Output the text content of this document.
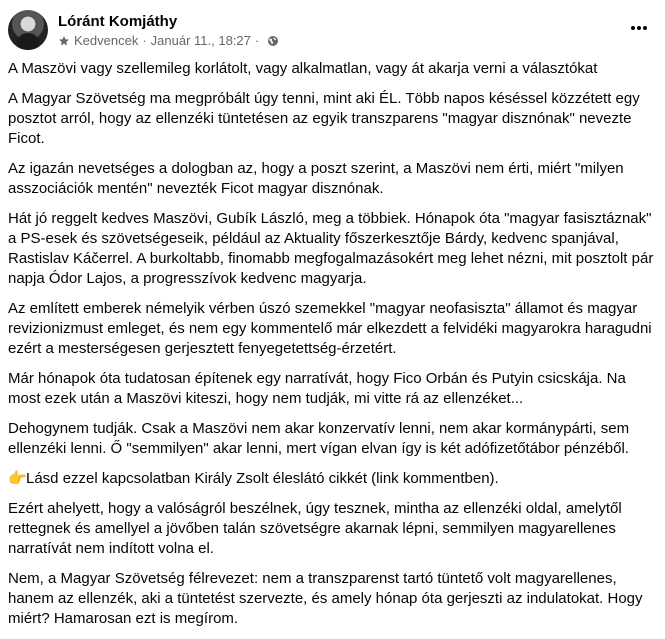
Lóránt Komjáthy
Kedvencek · Január 11., 18:27 ·

A Maszövi vagy szellemileg korlátolt, vagy alkalmatlan, vagy át akarja verni a választókat

A Magyar Szövetség ma megpróbált úgy tenni, mint aki ÉL. Több napos késéssel közzétett egy posztot arról, hogy az ellenzéki tüntetésen az egyik transzparens "magyar disznónak" nevezte Ficot.

Az igazán nevetséges a dologban az, hogy a poszt szerint, a Maszövi nem érti, miért "milyen asszociációk mentén" nevezték Ficot magyar disznónak.

Hát jó reggelt kedves Maszövi, Gubík László, meg a többiek. Hónapok óta "magyar fasisztáznak" a PS-esek és szövetségeseik, például az Aktuality főszerkesztője Bárdy, kedvenc spanjával, Rastislav Káčerrel. A burkoltabb, finomabb megfogalmazásokért meg lehet nézni, mit posztolt pár napja Ódor Lajos, a progresszívok kedvenc magyarja.

Az említett emberek némelyik vérben úszó szemekkel "magyar neofasiszta" államot és magyar revizionizmust emleget, és nem egy kommentelő már elkezdett a felvidéki magyarokra haragudni ezért a mesterségesen gerjesztett fenyegetettség-érzetért.

Már hónapok óta tudatosan építenek egy narratívát, hogy Fico Orbán és Putyin csicskája. Na most ezek után a Maszövi kiteszi, hogy nem tudják, mi vitte rá az ellenzéket...

Dehogynem tudják. Csak a Maszövi nem akar konzervatív lenni, nem akar kormánypárti, sem ellenzéki lenni. Ő "semmilyen" akar lenni, mert vígan elvan így is két adófizetőtábor pénzéből.

👉Lásd ezzel kapcsolatban Király Zsolt éleslátó cikkét (link kommentben).

Ezért ahelyett, hogy a valóságról beszélnek, úgy tesznek, mintha az ellenzéki oldal, amelytől rettegnek és amellyel a jövőben talán szövetségre akarnak lépni, semmilyen magyarellenes narratívát nem indított volna el.

Nem, a Magyar Szövetség félrevezet: nem a transzparenst tartó tüntető volt magyarellenes, hanem az ellenzék, aki a tüntetést szervezte, és amely hónap óta gerjeszti az indulatokat. Hogy miért? Hamarosan ezt is megírom.
